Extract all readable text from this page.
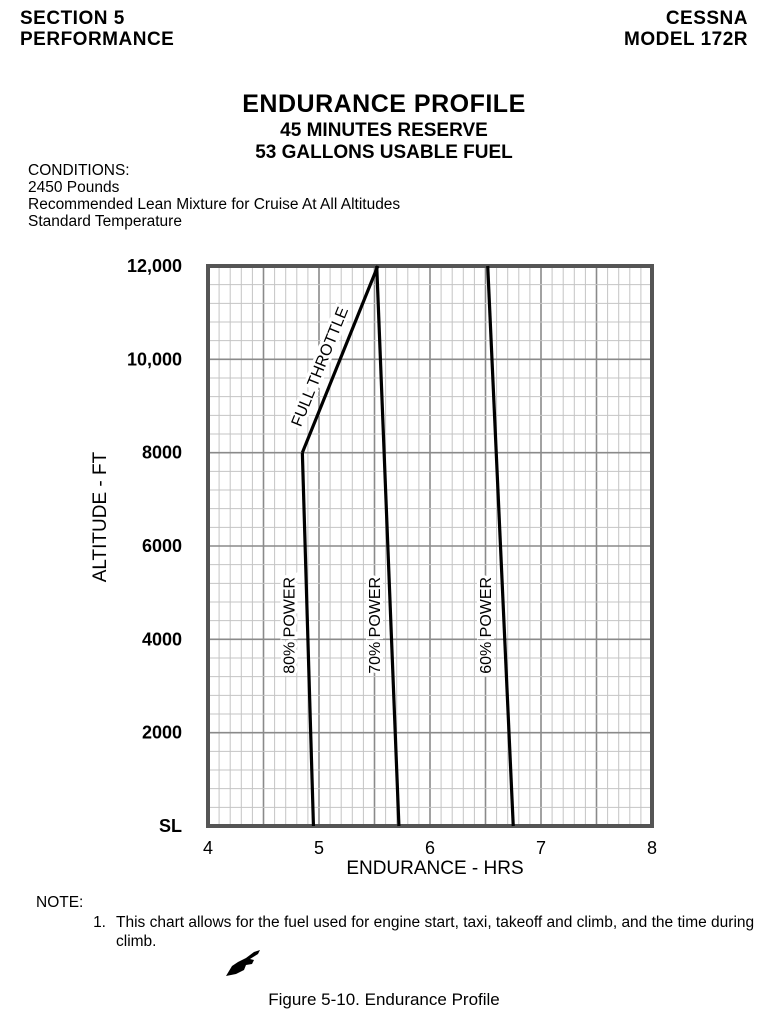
SECTION 5
PERFORMANCE
CESSNA
MODEL 172R
ENDURANCE PROFILE
45 MINUTES RESERVE
53 GALLONS USABLE FUEL
CONDITIONS:
2450 Pounds
Recommended Lean Mixture for Cruise At All Altitudes
Standard Temperature
SL
2000
4000
6000
8000
10,000
12,000
4	5	6	7	8
80% POWER
FULL THROTTLE
70% POWER	60% POWER
ALTITUDE - FT
ENDURANCE - HRS
NOTE:
1. This chart allows for the fuel used for engine start, taxi, takeoff and climb, and the time during climb.
Figure 5-10. Endurance Profile
